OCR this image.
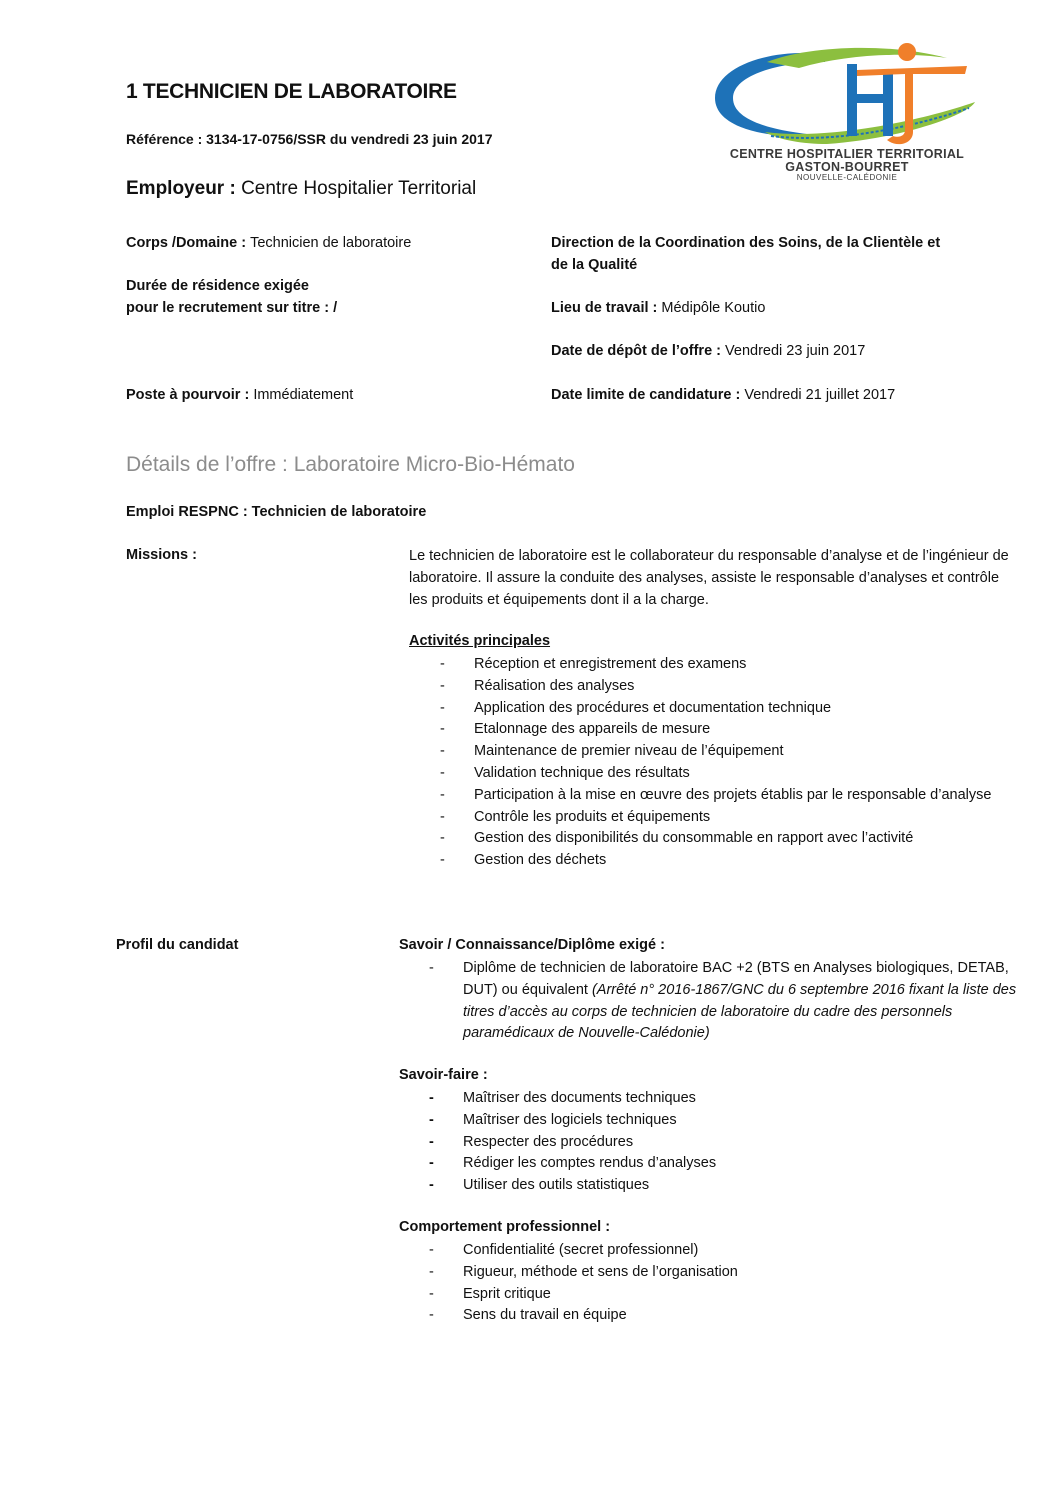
1 TECHNICIEN DE LABORATOIRE
Référence : 3134-17-0756/SSR du vendredi 23 juin 2017
Employeur : Centre Hospitalier Territorial
CENTRE HOSPITALIER TERRITORIAL
GASTON-BOURRET
NOUVELLE-CALÉDONIE
Corps /Domaine : Technicien de laboratoire
Durée de résidence exigée
pour le recrutement sur titre : /
Poste à pourvoir : Immédiatement
Direction de la Coordination des Soins, de la Clientèle et
de la Qualité
Lieu de travail : Médipôle Koutio
Date de dépôt de l’offre : Vendredi 23 juin 2017
Date limite de candidature : Vendredi 21 juillet 2017
Détails de l’offre : Laboratoire Micro-Bio-Hémato
Emploi RESPNC : Technicien de laboratoire
Missions :	Le technicien de laboratoire est le collaborateur du responsable d’analyse et de l’ingénieur de laboratoire. Il assure la conduite des analyses, assiste le responsable d’analyses et contrôle les produits et équipements dont il a la charge.
Activités principales
- Réception et enregistrement des examens
- Réalisation des analyses
- Application des procédures et documentation technique
- Etalonnage des appareils de mesure
- Maintenance de premier niveau de l’équipement
- Validation technique des résultats
- Participation à la mise en œuvre des projets établis par le responsable d’analyse
- Contrôle les produits et équipements
- Gestion des disponibilités du consommable en rapport avec l’activité
- Gestion des déchets
Profil du candidat	Savoir / Connaissance/Diplôme exigé :
- Diplôme de technicien de laboratoire BAC +2 (BTS en Analyses biologiques, DETAB, DUT) ou équivalent (Arrêté n° 2016-1867/GNC du 6 septembre 2016 fixant la liste des titres d’accès au corps de technicien de laboratoire du cadre des personnels paramédicaux de Nouvelle-Calédonie)
Savoir-faire :
- Maîtriser des documents techniques
- Maîtriser des logiciels techniques
- Respecter des procédures
- Rédiger les comptes rendus d’analyses
- Utiliser des outils statistiques
Comportement professionnel :
- Confidentialité (secret professionnel)
- Rigueur, méthode et sens de l’organisation
- Esprit critique
- Sens du travail en équipe
